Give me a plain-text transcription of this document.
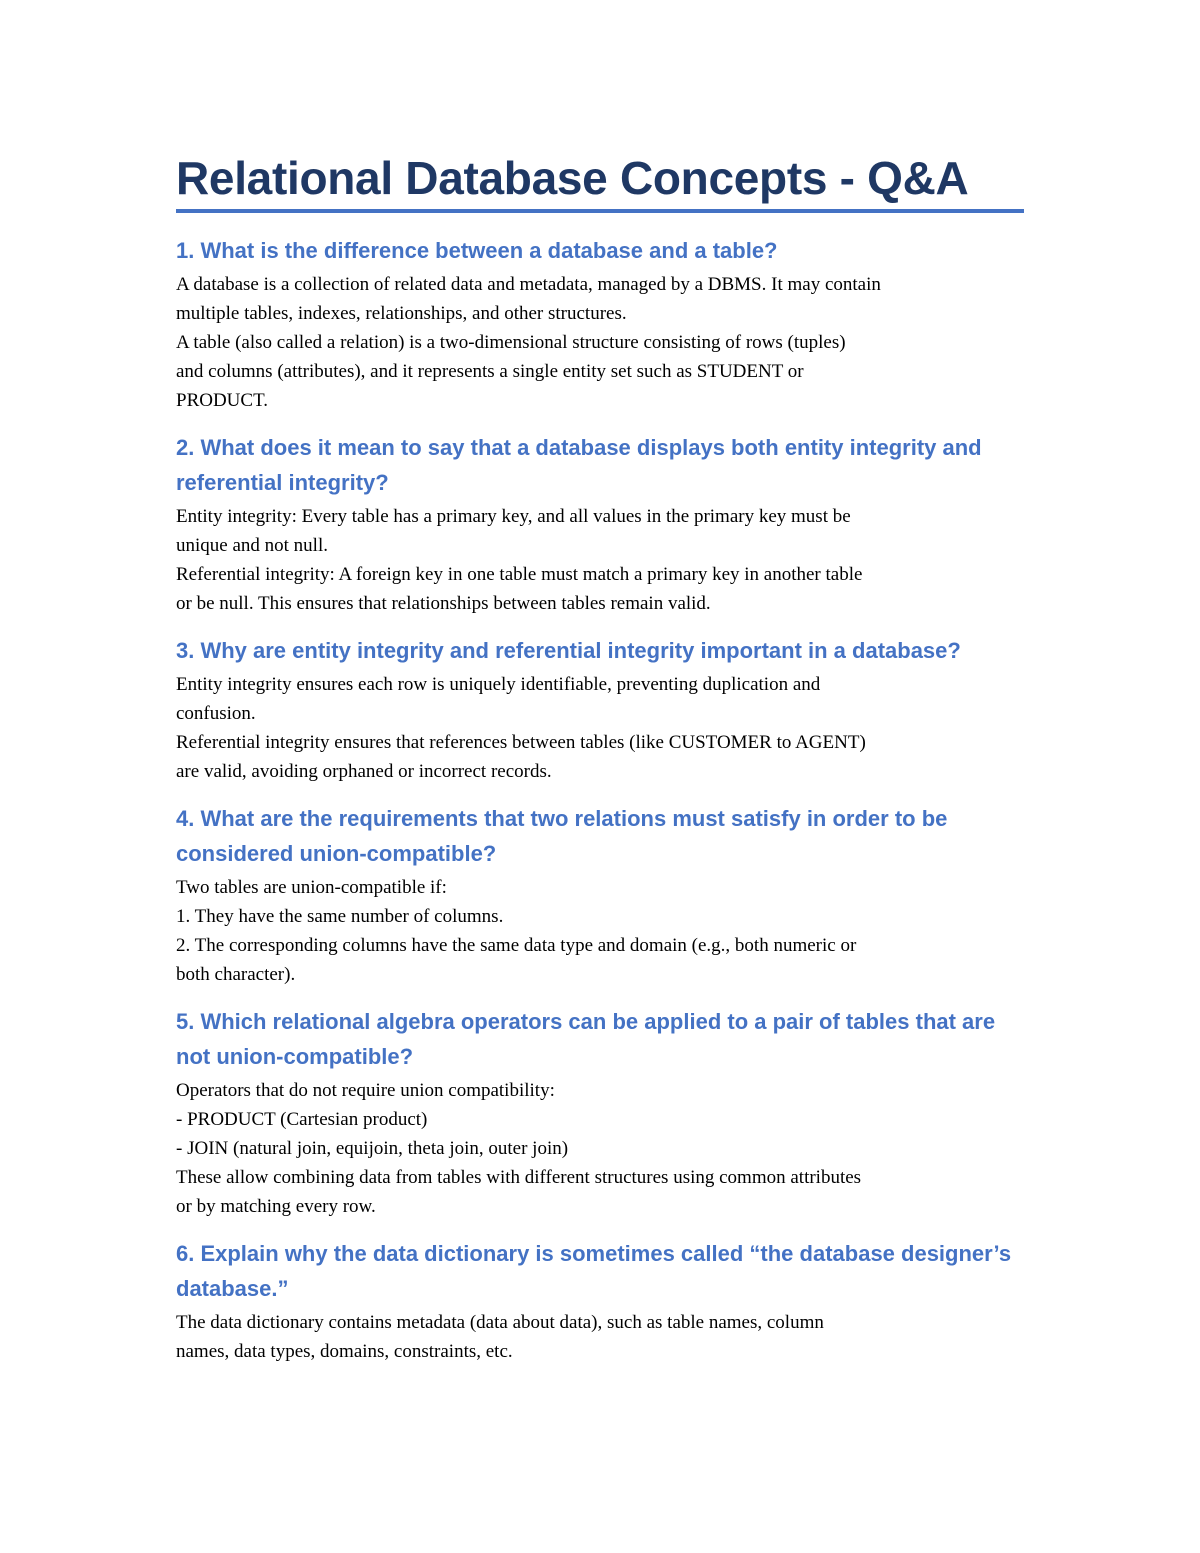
Relational Database Concepts - Q&A
1. What is the difference between a database and a table?

A database is a collection of related data and metadata, managed by a DBMS. It may contain

multiple tables, indexes, relationships, and other structures.

A table (also called a relation) is a two-dimensional structure consisting of rows (tuples)

and columns (attributes), and it represents a single entity set such as STUDENT or

PRODUCT.

2. What does it mean to say that a database displays both entity integrity and referential integrity?

Entity integrity: Every table has a primary key, and all values in the primary key must be

unique and not null.

Referential integrity: A foreign key in one table must match a primary key in another table

or be null. This ensures that relationships between tables remain valid.

3. Why are entity integrity and referential integrity important in a database?

Entity integrity ensures each row is uniquely identifiable, preventing duplication and

confusion.

Referential integrity ensures that references between tables (like CUSTOMER to AGENT)

are valid, avoiding orphaned or incorrect records.

4. What are the requirements that two relations must satisfy in order to be considered union-compatible?

Two tables are union-compatible if:

1. They have the same number of columns.

2. The corresponding columns have the same data type and domain (e.g., both numeric or

both character).

5. Which relational algebra operators can be applied to a pair of tables that are not union-compatible?

Operators that do not require union compatibility:

- PRODUCT (Cartesian product)

- JOIN (natural join, equijoin, theta join, outer join)

These allow combining data from tables with different structures using common attributes

or by matching every row.

6. Explain why the data dictionary is sometimes called “the database designer’s database.”

The data dictionary contains metadata (data about data), such as table names, column

names, data types, domains, constraints, etc.
